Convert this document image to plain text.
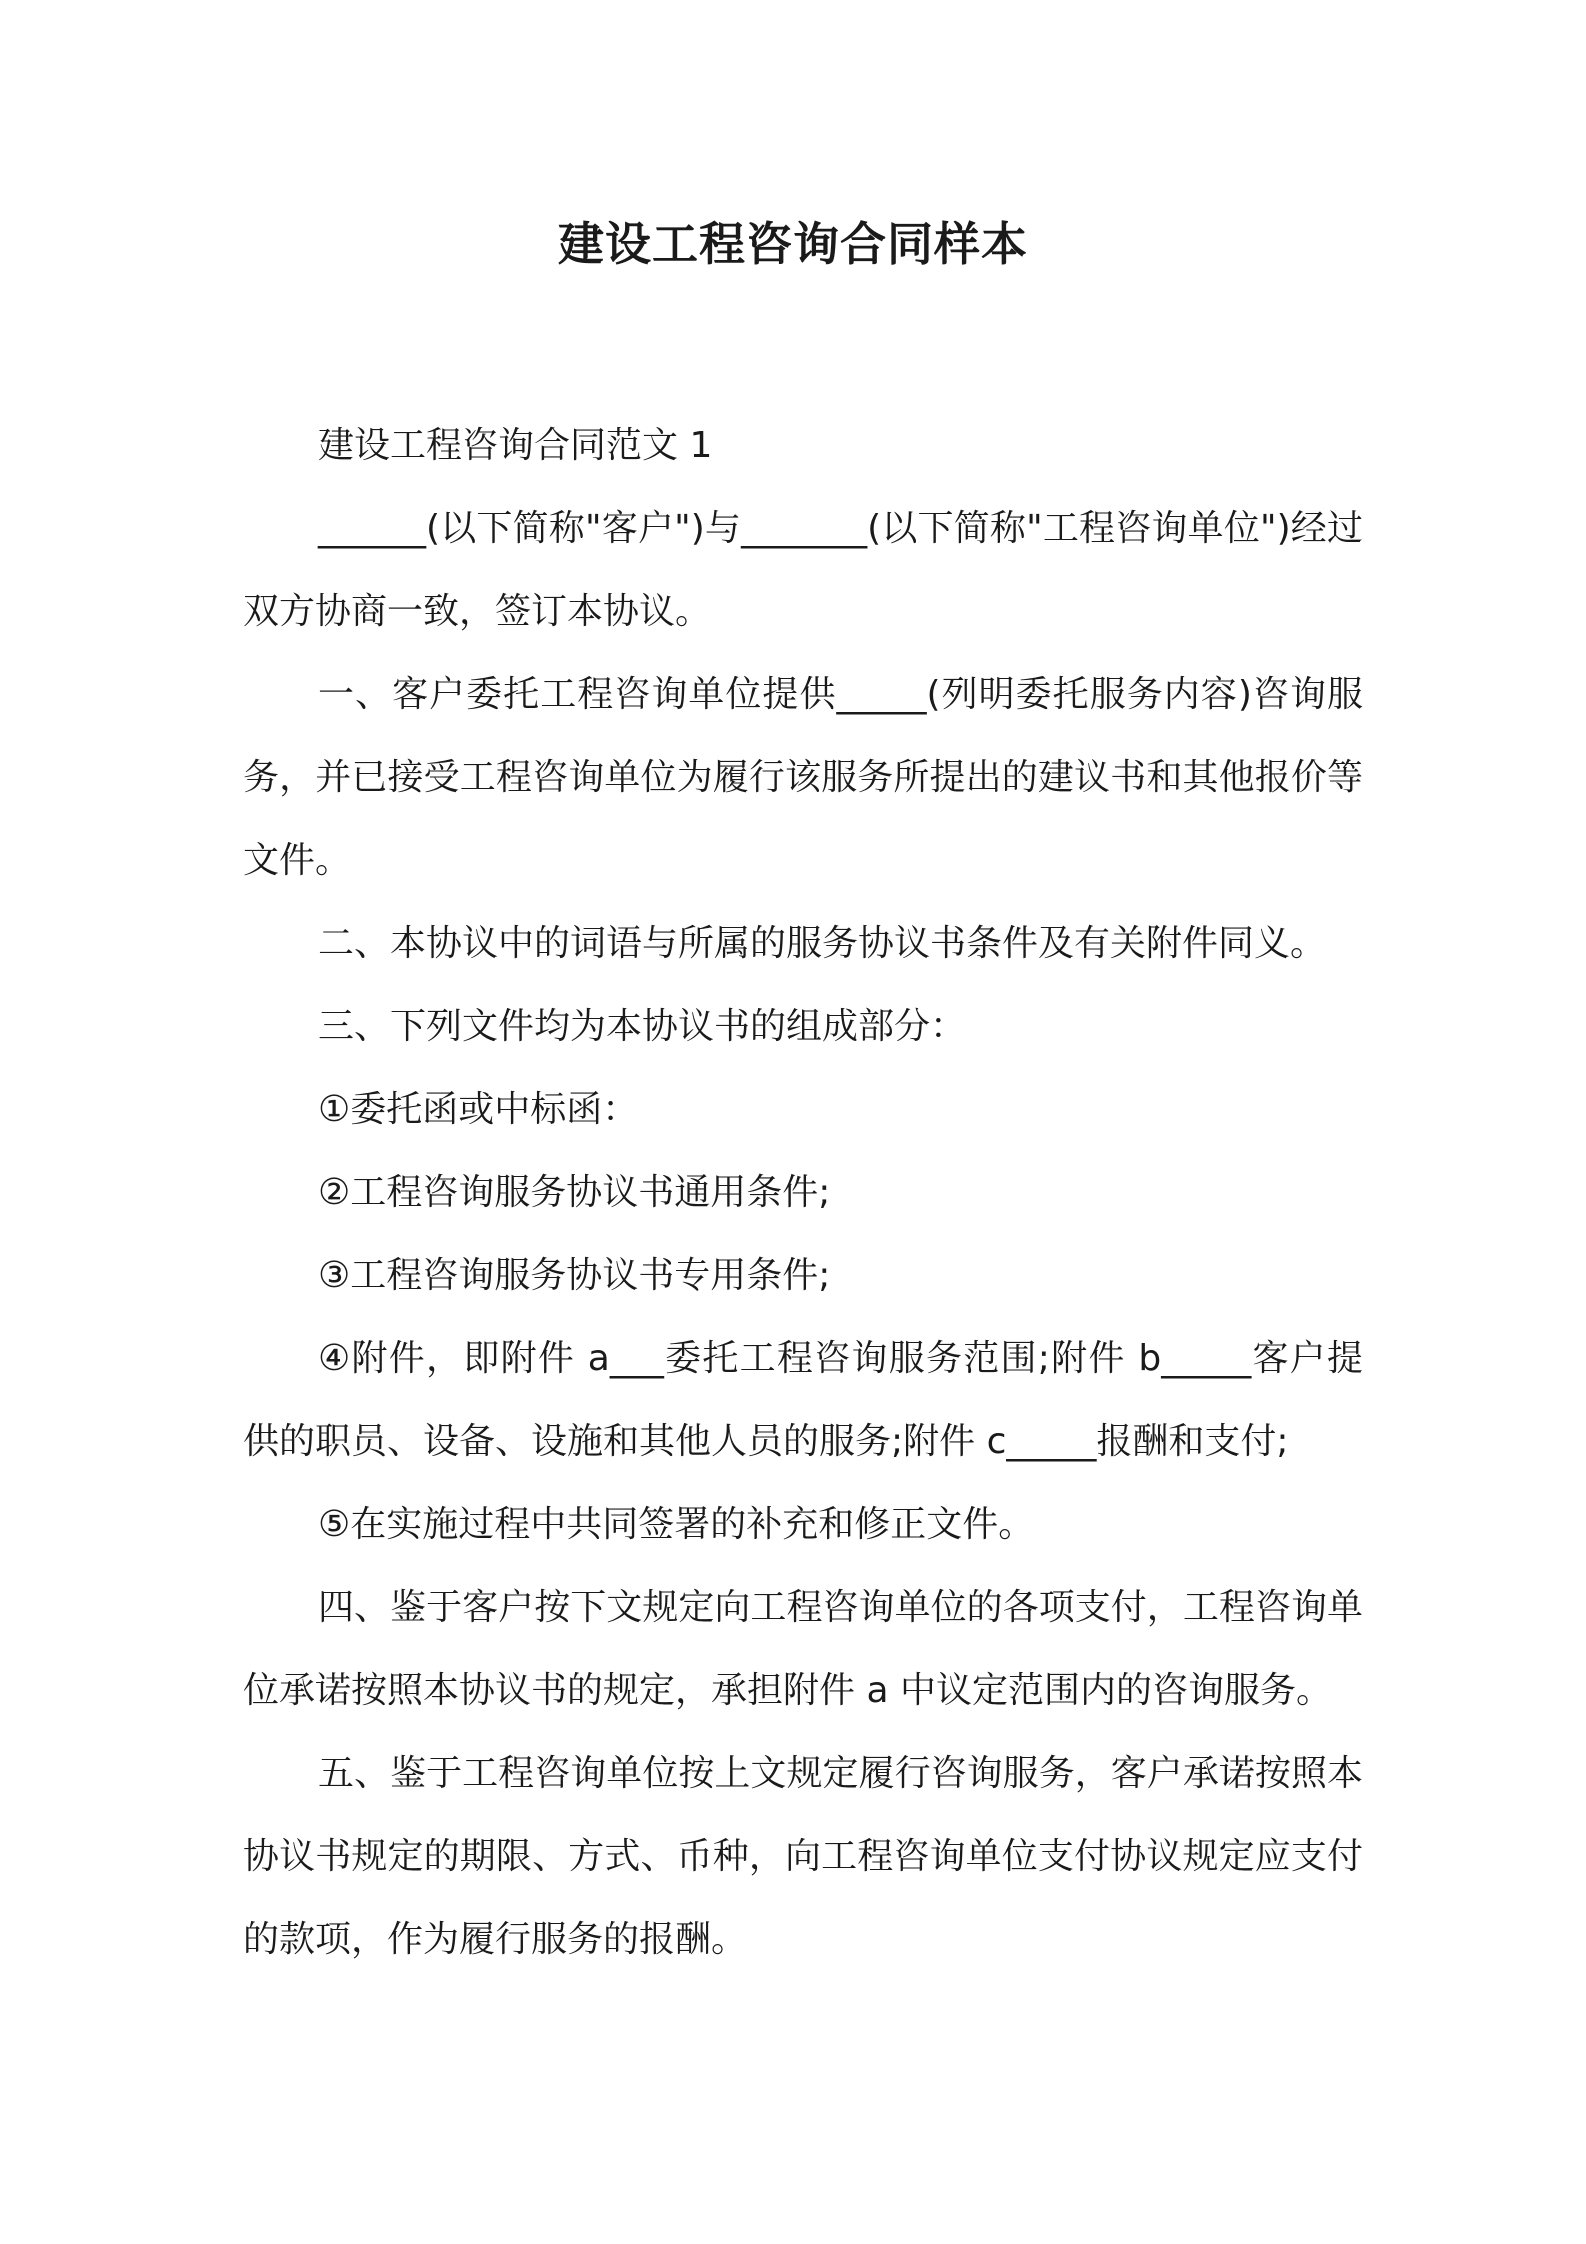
建设工程咨询合同样本

建设工程咨询合同范文 1

______(以下简称"客户")与_______(以下简称"工程咨询单位")经过双方协商一致，签订本协议。

一、客户委托工程咨询单位提供_____(列明委托服务内容)咨询服务，并已接受工程咨询单位为履行该服务所提出的建议书和其他报价等文件。

二、本协议中的词语与所属的服务协议书条件及有关附件同义。

三、下列文件均为本协议书的组成部分：

①委托函或中标函：

②工程咨询服务协议书通用条件;

③工程咨询服务协议书专用条件;

④附件，即附件 a___委托工程咨询服务范围;附件 b_____客户提供的职员、设备、设施和其他人员的服务;附件 c_____报酬和支付;

⑤在实施过程中共同签署的补充和修正文件。

四、鉴于客户按下文规定向工程咨询单位的各项支付，工程咨询单位承诺按照本协议书的规定，承担附件 a 中议定范围内的咨询服务。

五、鉴于工程咨询单位按上文规定履行咨询服务，客户承诺按照本协议书规定的期限、方式、币种，向工程咨询单位支付协议规定应支付的款项，作为履行服务的报酬。
